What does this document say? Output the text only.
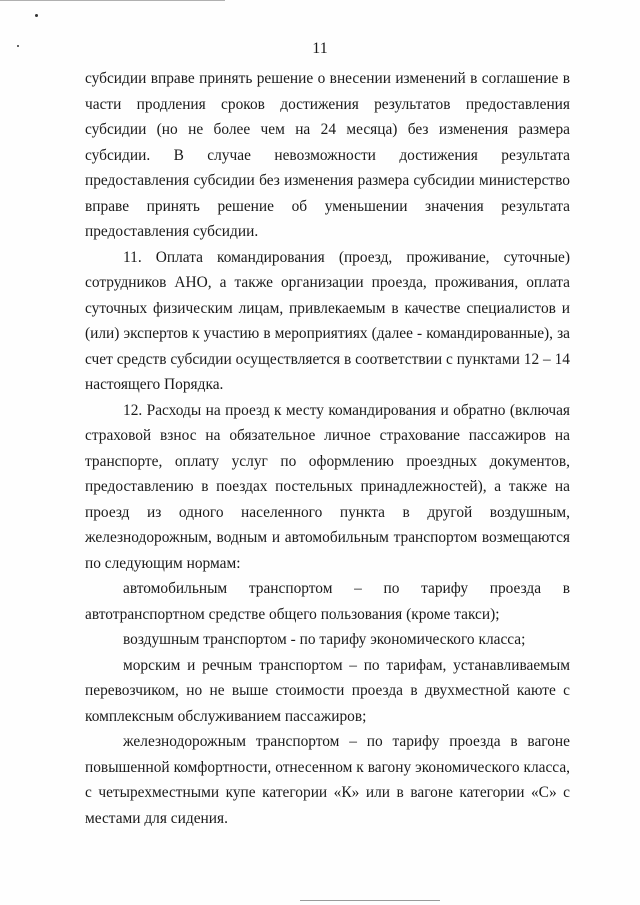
11

субсидии вправе принять решение о внесении изменений в соглашение в части продления сроков достижения результатов предоставления субсидии (но не более чем на 24 месяца) без изменения размера субсидии. В случае невозможности достижения результата предоставления субсидии без изменения размера субсидии министерство вправе принять решение об уменьшении значения результата предоставления субсидии.

11. Оплата командирования (проезд, проживание, суточные) сотрудников АНО, а также организации проезда, проживания, оплата суточных физическим лицам, привлекаемым в качестве специалистов и (или) экспертов к участию в мероприятиях (далее - командированные), за счет средств субсидии осуществляется в соответствии с пунктами 12 – 14 настоящего Порядка.

12. Расходы на проезд к месту командирования и обратно (включая страховой взнос на обязательное личное страхование пассажиров на транспорте, оплату услуг по оформлению проездных документов, предоставлению в поездах постельных принадлежностей), а также на проезд из одного населенного пункта в другой воздушным, железнодорожным, водным и автомобильным транспортом возмещаются по следующим нормам:

автомобильным транспортом – по тарифу проезда в автотранспортном средстве общего пользования (кроме такси);

воздушным транспортом - по тарифу экономического класса;

морским и речным транспортом – по тарифам, устанавливаемым перевозчиком, но не выше стоимости проезда в двухместной каюте с комплексным обслуживанием пассажиров;

железнодорожным транспортом – по тарифу проезда в вагоне повышенной комфортности, отнесенном к вагону экономического класса, с четырехместными купе категории «К» или в вагоне категории «С» с местами для сидения.
